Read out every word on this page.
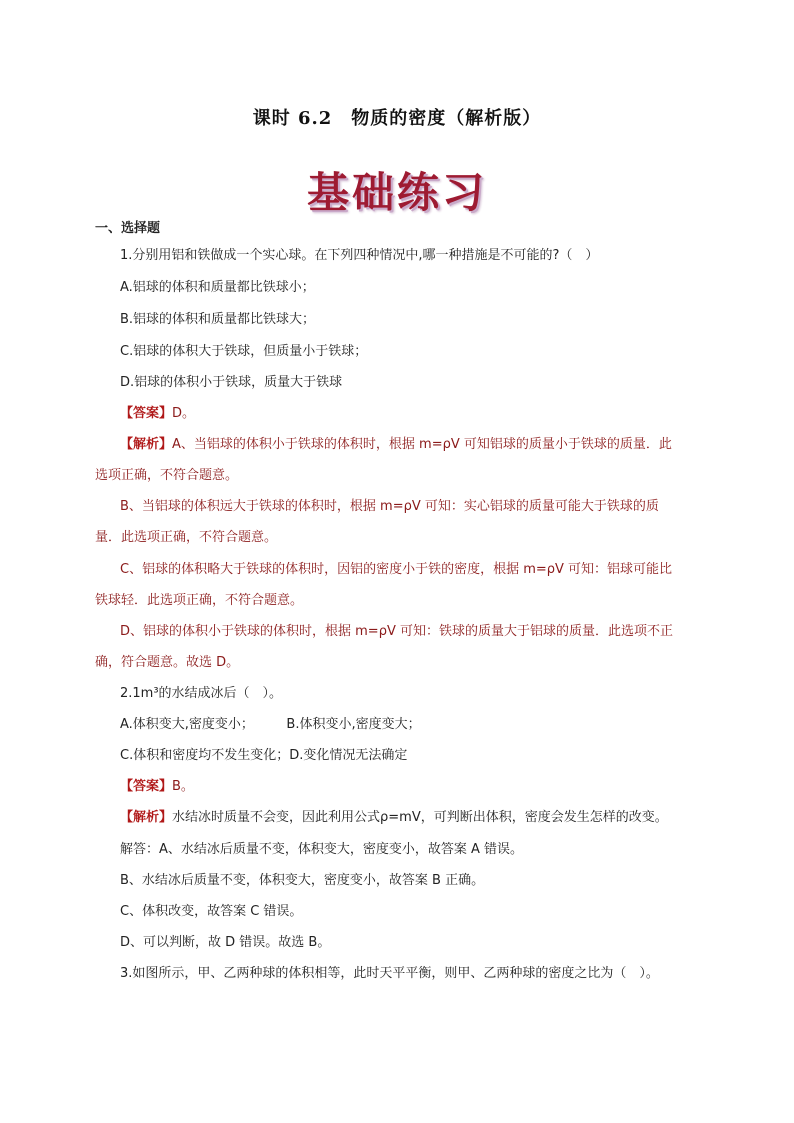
课时 6.2　物质的密度（解析版）
基础练习
一、选择题
1.分别用铝和铁做成一个实心球。在下列四种情况中,哪一种措施是不可能的?（　）
A.铝球的体积和质量都比铁球小；
B.铝球的体积和质量都比铁球大；
C.铝球的体积大于铁球，但质量小于铁球；
D.铝球的体积小于铁球，质量大于铁球
【答案】D。
【解析】A、当铝球的体积小于铁球的体积时，根据 m=ρV 可知铝球的质量小于铁球的质量．此
选项正确，不符合题意。
B、当铝球的体积远大于铁球的体积时，根据 m=ρV 可知：实心铝球的质量可能大于铁球的质
量．此选项正确，不符合题意。
C、铝球的体积略大于铁球的体积时，因铝的密度小于铁的密度，根据 m=ρV 可知：铝球可能比
铁球轻．此选项正确，不符合题意。
D、铝球的体积小于铁球的体积时，根据 m=ρV 可知：铁球的质量大于铝球的质量．此选项不正
确，符合题意。故选 D。
2.1m³的水结成冰后（　）。
A.体积变大,密度变小；　　　B.体积变小,密度变大；
C.体积和密度均不发生变化；D.变化情况无法确定
【答案】B。
【解析】水结冰时质量不会变，因此利用公式ρ=mV，可判断出体积，密度会发生怎样的改变。
解答：A、水结冰后质量不变，体积变大，密度变小，故答案 A 错误。
B、水结冰后质量不变，体积变大，密度变小，故答案 B 正确。
C、体积改变，故答案 C 错误。
D、可以判断，故 D 错误。故选 B。
3.如图所示，甲、乙两种球的体积相等，此时天平平衡，则甲、乙两种球的密度之比为（　）。
